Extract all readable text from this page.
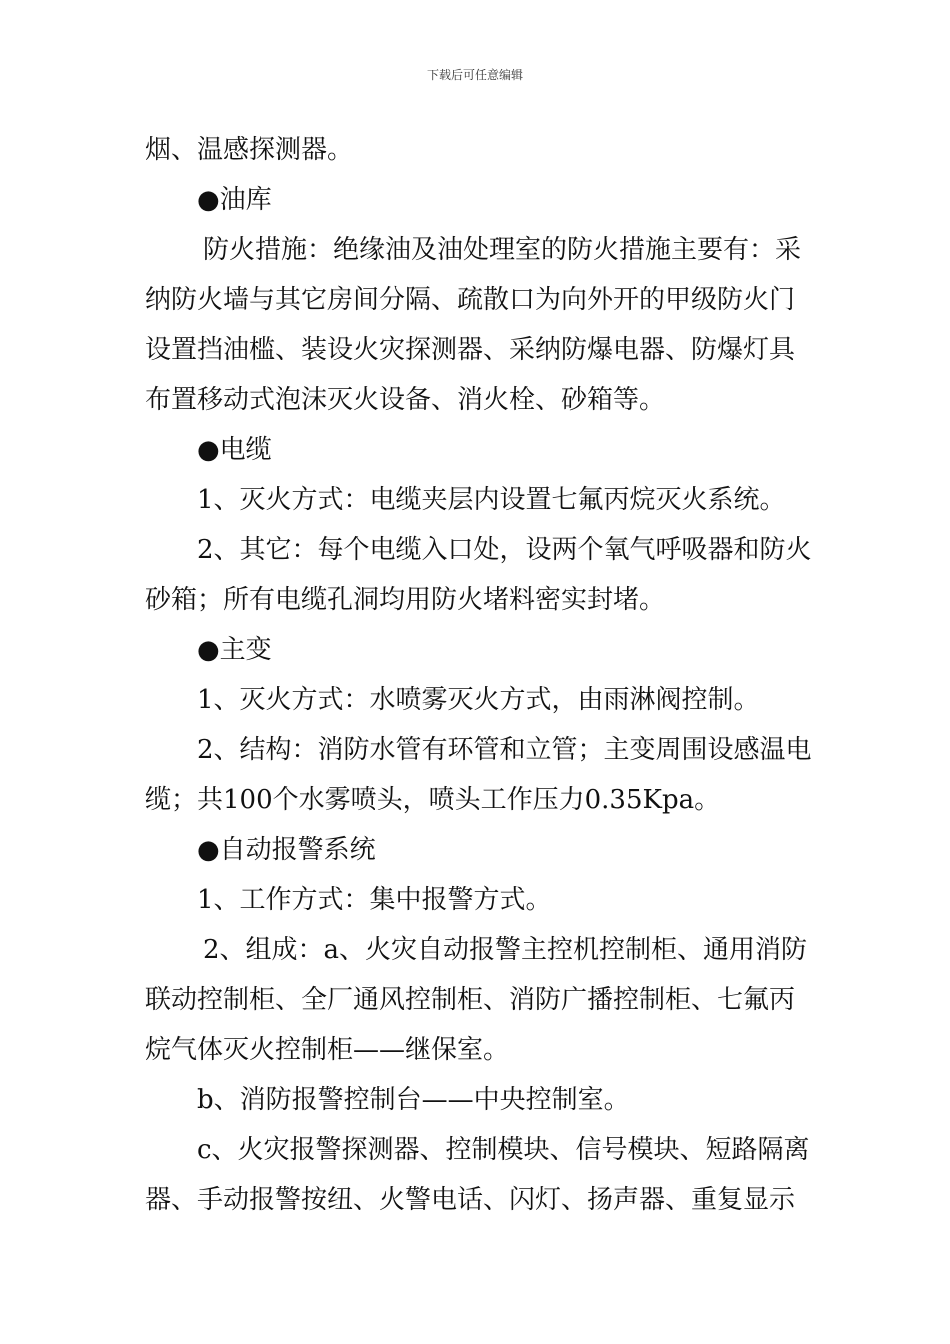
下载后可任意编辑

烟、温感探测器。

●油库

防火措施：绝缘油及油处理室的防火措施主要有：采

纳防火墙与其它房间分隔、疏散口为向外开的甲级防火门

设置挡油槛、装设火灾探测器、采纳防爆电器、防爆灯具

布置移动式泡沫灭火设备、消火栓、砂箱等。

●电缆

1、灭火方式：电缆夹层内设置七氟丙烷灭火系统。

2、其它：每个电缆入口处，设两个氧气呼吸器和防火

砂箱；所有电缆孔洞均用防火堵料密实封堵。

●主变

1、灭火方式：水喷雾灭火方式，由雨淋阀控制。

2、结构：消防水管有环管和立管；主变周围设感温电

缆；共100个水雾喷头，喷头工作压力0.35Kpa。

●自动报警系统

1、工作方式：集中报警方式。

2、组成：a、火灾自动报警主控机控制柜、通用消防

联动控制柜、全厂通风控制柜、消防广播控制柜、七氟丙

烷气体灭火控制柜——继保室。

b、消防报警控制台——中央控制室。

c、火灾报警探测器、控制模块、信号模块、短路隔离

器、手动报警按纽、火警电话、闪灯、扬声器、重复显示
